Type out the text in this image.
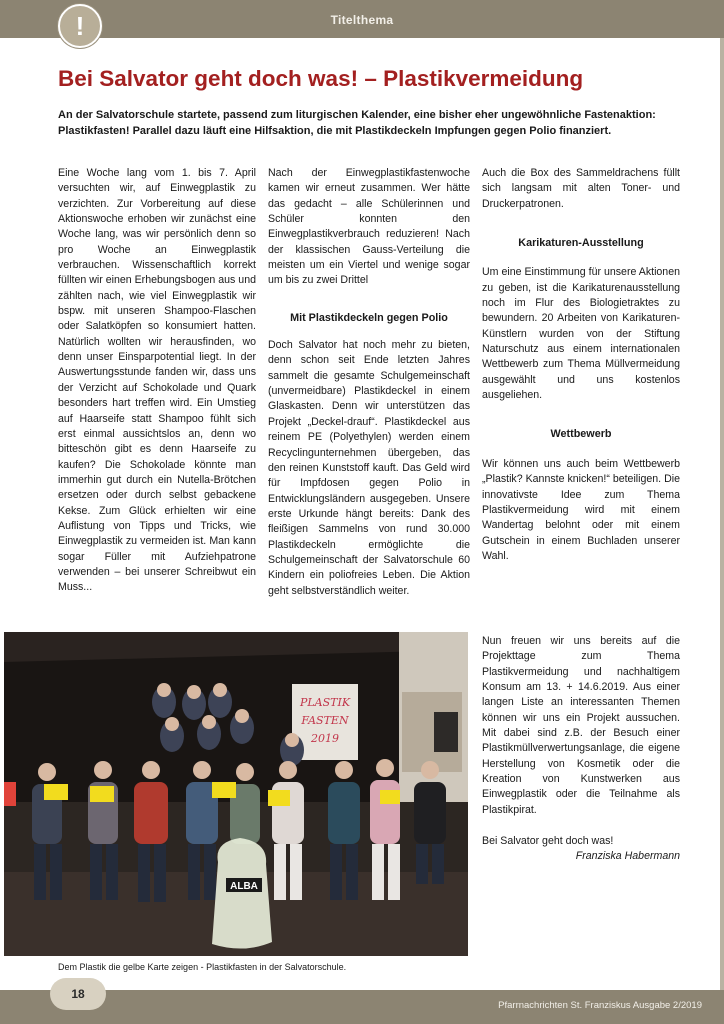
Titelthema
!
Bei Salvator geht doch was! – Plastikvermeidung

An der Salvatorschule startete, passend zum liturgischen Kalender, eine bisher eher ungewöhnliche Fastenaktion: Plastikfasten! Parallel dazu läuft eine Hilfsaktion, die mit Plastikdeckeln Impfungen gegen Polio finanziert.

Eine Woche lang vom 1. bis 7. April versuchten wir, auf Einwegplastik zu verzichten. Zur Vorbereitung auf diese Aktionswoche erhoben wir zunächst eine Woche lang, was wir persönlich denn so pro Woche an Einwegplastik verbrauchen. Wissenschaftlich korrekt füllten wir einen Erhebungsbogen aus und zählten nach, wie viel Einwegplastik wir bspw. mit unseren Shampoo-Flaschen oder Salatköpfen so konsumiert hatten. Natürlich wollten wir herausfinden, wo denn unser Einsparpotential liegt. In der Auswertungsstunde fanden wir, dass uns der Verzicht auf Schokolade und Quark besonders hart treffen wird. Ein Umstieg auf Haarseife statt Shampoo fühlt sich erst einmal aussichtslos an, denn wo bitteschön gibt es denn Haarseife zu kaufen? Die Schokolade könnte man immerhin gut durch ein Nutella-Brötchen ersetzen oder durch selbst gebackene Kekse. Zum Glück erhielten wir eine Auflistung von Tipps und Tricks, wie Einwegplastik zu vermeiden ist. Man kann sogar Füller mit Aufziehpatrone verwenden – bei unserer Schreibwut ein Muss...

Nach der Einwegplastikfastenwoche kamen wir erneut zusammen. Wer hätte das gedacht – alle Schülerinnen und Schüler konnten den Einwegplastikverbrauch reduzieren! Nach der klassischen Gauss-Verteilung die meisten um ein Viertel und wenige sogar um bis zu zwei Drittel

Mit Plastikdeckeln gegen Polio

Doch Salvator hat noch mehr zu bieten, denn schon seit Ende letzten Jahres sammelt die gesamte Schulgemeinschaft (unvermeidbare) Plastikdeckel in einem Glaskasten. Denn wir unterstützen das Projekt „Deckel-drauf“. Plastikdeckel aus reinem PE (Polyethylen) werden einem Recyclingunternehmen übergeben, das den reinen Kunststoff kauft. Das Geld wird für Impfdosen gegen Polio in Entwicklungsländern ausgegeben. Unsere erste Urkunde hängt bereits: Dank des fleißigen Sammelns von rund 30.000 Plastikdeckeln ermöglichte die Schulgemeinschaft der Salvatorschule 60 Kindern ein poliofreies Leben. Die Aktion geht selbstverständlich weiter.

Auch die Box des Sammeldrachens füllt sich langsam mit alten Toner- und Druckerpatronen.

Karikaturen-Ausstellung

Um eine Einstimmung für unsere Aktionen zu geben, ist die Karikaturenausstellung noch im Flur des Biologietraktes zu bewundern. 20 Arbeiten von Karikaturen-Künstlern wurden von der Stiftung Naturschutz aus einem internationalen Wettbewerb zum Thema Müllvermeidung ausgewählt und uns kostenlos ausgeliehen.

Wettbewerb

Wir können uns auch beim Wettbewerb „Plastik? Kannste knicken!“ beteiligen. Die innovativste Idee zum Thema Plastikvermeidung wird mit einem Wandertag belohnt oder mit einem Gutschein in einem Buchladen unserer Wahl.

Nun freuen wir uns bereits auf die Projekttage zum Thema Plastikvermeidung und nachhaltigem Konsum am 13. + 14.6.2019. Aus einer langen Liste an interessanten Themen können wir uns ein Projekt aussuchen. Mit dabei sind z.B. der Besuch einer Plastikmüllverwertungsanlage, die eigene Herstellung von Kosmetik oder die Kreation von Kunstwerken aus Einwegplastik oder die Teilnahme als Plastikpirat.

Bei Salvator geht doch was!

Franziska Habermann

PLASTIK
FASTEN
2019
ALBA
Dem Plastik die gelbe Karte zeigen - Plastikfasten in der Salvatorschule.
18
Pfarrnachrichten St. Franziskus Ausgabe 2/2019
